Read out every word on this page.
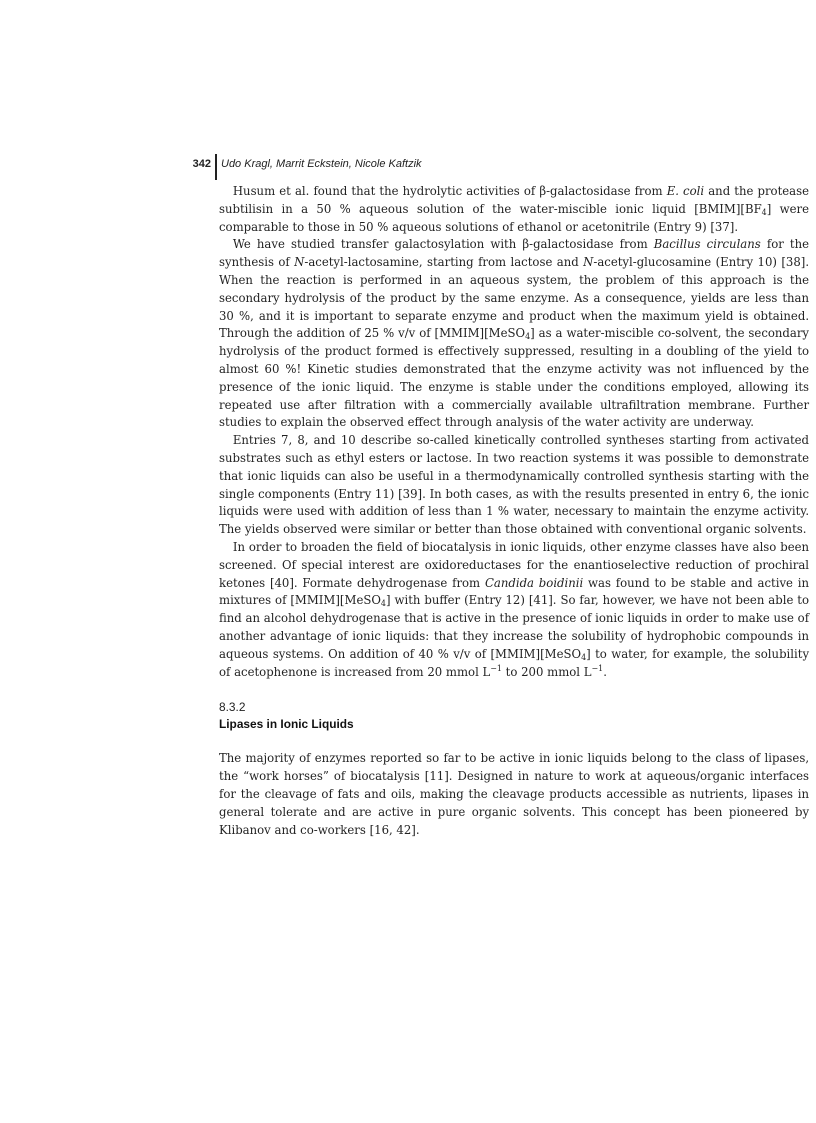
342 Udo Kragl, Marrit Eckstein, Nicole Kaftzik

Husum et al. found that the hydrolytic activities of β-galactosidase from E. coli and the protease subtilisin in a 50 % aqueous solution of the water-miscible ionic liquid $[BMIM][BF_4]$ were comparable to those in 50 % aqueous solutions of ethanol or acetonitrile (Entry 9) [37].

We have studied transfer galactosylation with β-galactosidase from Bacillus circulans for the synthesis of N-acetyl-lactosamine, starting from lactose and N-acetyl-glucosamine (Entry 10) [38]. When the reaction is performed in an aqueous system, the problem of this approach is the secondary hydrolysis of the product by the same enzyme. As a consequence, yields are less than 30 %, and it is important to separate enzyme and product when the maximum yield is obtained. Through the addition of 25 % v/v of [MMIM][MeSO$_4$] as a water-miscible co-solvent, the secondary hydrolysis of the product formed is effectively suppressed, resulting in a doubling of the yield to almost 60 %! Kinetic studies demonstrated that the enzyme activity was not influenced by the presence of the ionic liquid. The enzyme is stable under the conditions employed, allowing its repeated use after filtration with a commercially available ultrafiltration membrane. Further studies to explain the observed effect through analysis of the water activity are underway.

Entries 7, 8, and 10 describe so-called kinetically controlled syntheses starting from activated substrates such as ethyl esters or lactose. In two reaction systems it was possible to demonstrate that ionic liquids can also be useful in a thermodynamically controlled synthesis starting with the single components (Entry 11) [39]. In both cases, as with the results presented in entry 6, the ionic liquids were used with addition of less than 1 % water, necessary to maintain the enzyme activity. The yields observed were similar or better than those obtained with conventional organic solvents.

In order to broaden the field of biocatalysis in ionic liquids, other enzyme classes have also been screened. Of special interest are oxidoreductases for the enantioselective reduction of prochiral ketones [40]. Formate dehydrogenase from Candida boidinii was found to be stable and active in mixtures of [MMIM][MeSO$_4$] with buffer (Entry 12) [41]. So far, however, we have not been able to find an alcohol dehydrogenase that is active in the presence of ionic liquids in order to make use of another advantage of ionic liquids: that they increase the solubility of hydrophobic compounds in aqueous systems. On addition of 40 % v/v of [MMIM][MeSO$_4$] to water, for example, the solubility of acetophenone is increased from 20 mmol $L^{-1}$ to 200 mmol $L^{-1}$.

8.3.2
Lipases in Ionic Liquids

The majority of enzymes reported so far to be active in ionic liquids belong to the class of lipases, the “work horses” of biocatalysis [11]. Designed in nature to work at aqueous/organic interfaces for the cleavage of fats and oils, making the cleavage products accessible as nutrients, lipases in general tolerate and are active in pure organic solvents. This concept has been pioneered by Klibanov and co-workers [16, 42].
